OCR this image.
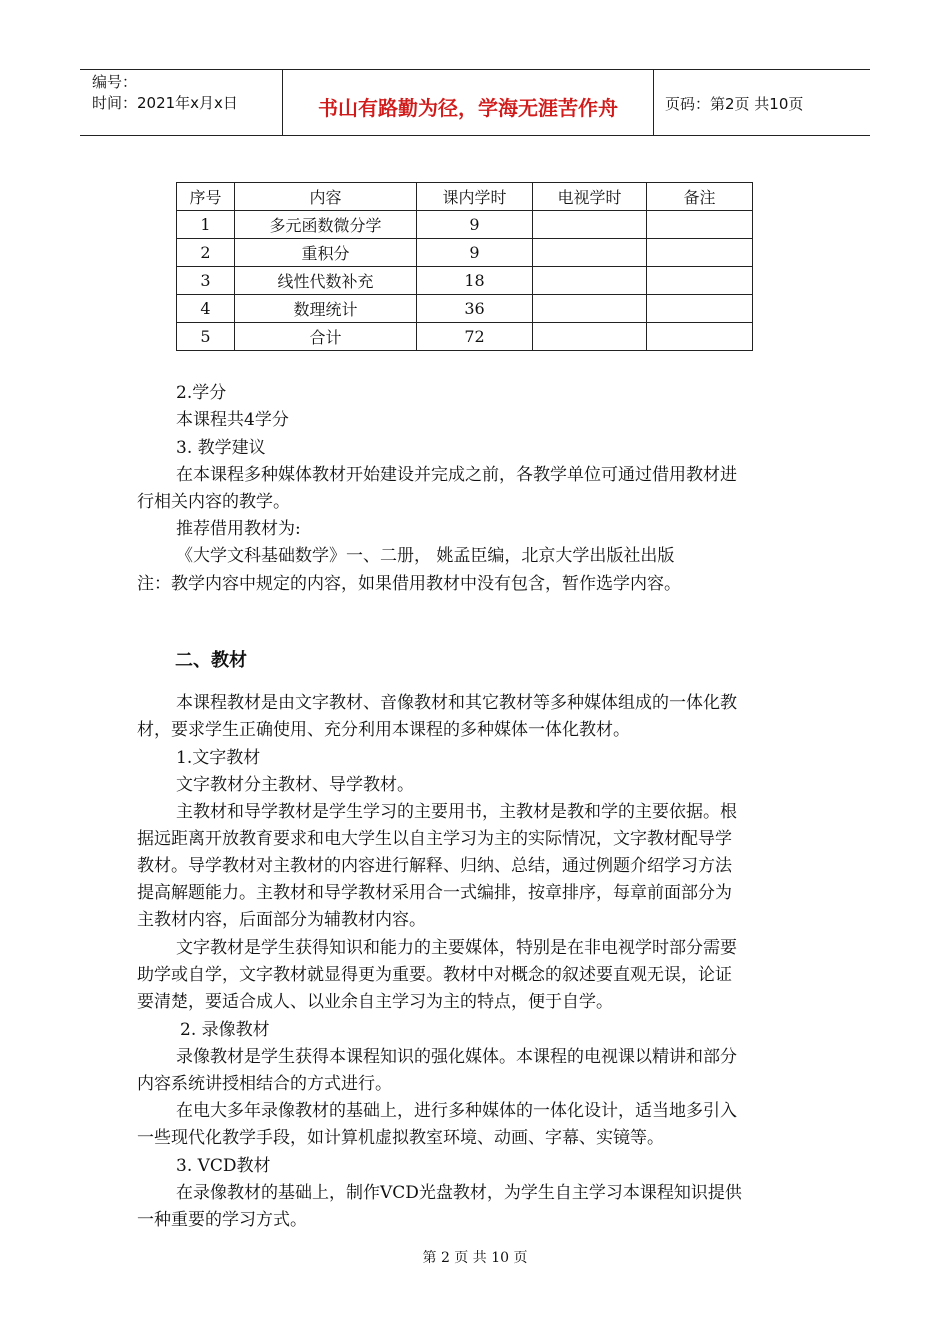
编号：
时间：2021年x月x日	书山有路勤为径，学海无涯苦作舟	页码：第2页 共10页
序号	内容	课内学时	电视学时	备注
1	多元函数微分学	9		
2	重积分	9		
3	线性代数补充	18		
4	数理统计	36		
5	合计	72		
2.学分
本课程共4学分
3. 教学建议
在本课程多种媒体教材开始建设并完成之前，各教学单位可通过借用教材进
行相关内容的教学。
推荐借用教材为:
《大学文科基础数学》一、二册， 姚孟臣编，北京大学出版社出版
注：教学内容中规定的内容，如果借用教材中没有包含，暂作选学内容。
二、教材
本课程教材是由文字教材、音像教材和其它教材等多种媒体组成的一体化教
材，要求学生正确使用、充分利用本课程的多种媒体一体化教材。
1.文字教材
文字教材分主教材、导学教材。
主教材和导学教材是学生学习的主要用书，主教材是教和学的主要依据。根
据远距离开放教育要求和电大学生以自主学习为主的实际情况，文字教材配导学
教材。导学教材对主教材的内容进行解释、归纳、总结，通过例题介绍学习方法
提高解题能力。主教材和导学教材采用合一式编排，按章排序，每章前面部分为
主教材内容，后面部分为辅教材内容。
文字教材是学生获得知识和能力的主要媒体，特别是在非电视学时部分需要
助学或自学，文字教材就显得更为重要。教材中对概念的叙述要直观无误，论证
要清楚，要适合成人、以业余自主学习为主的特点，便于自学。
2. 录像教材
录像教材是学生获得本课程知识的强化媒体。本课程的电视课以精讲和部分
内容系统讲授相结合的方式进行。
在电大多年录像教材的基础上，进行多种媒体的一体化设计，适当地多引入
一些现代化教学手段，如计算机虚拟教室环境、动画、字幕、实镜等。
3. VCD教材
在录像教材的基础上，制作VCD光盘教材，为学生自主学习本课程知识提供
一种重要的学习方式。
第 2 页 共 10 页
